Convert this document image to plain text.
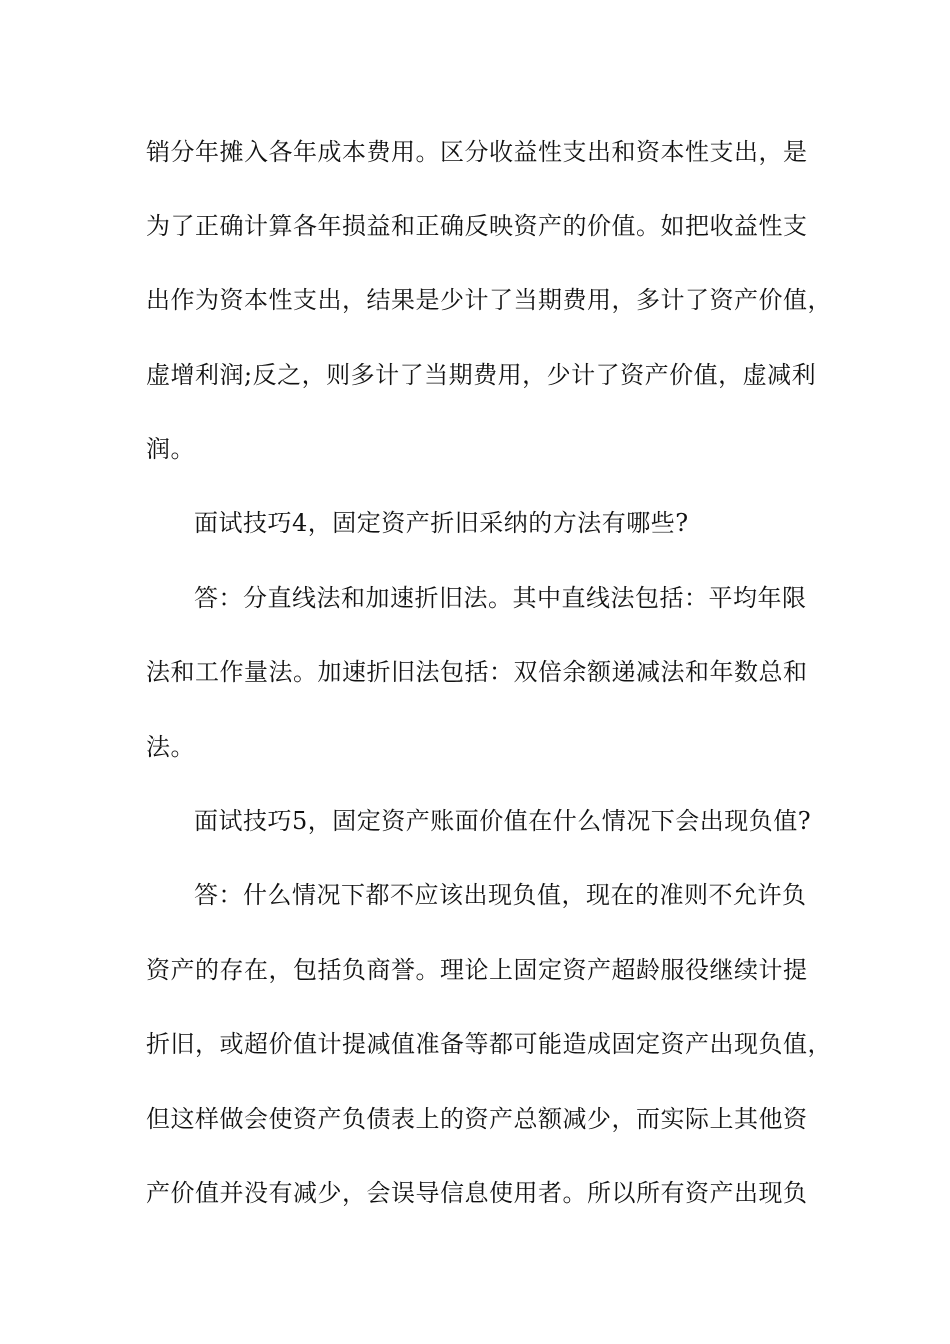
销分年摊入各年成本费用。区分收益性支出和资本性支出，是
为了正确计算各年损益和正确反映资产的价值。如把收益性支
出作为资本性支出，结果是少计了当期费用，多计了资产价值，
虚增利润;反之，则多计了当期费用，少计了资产价值，虚减利
润。
面试技巧4，固定资产折旧采纳的方法有哪些?
答：分直线法和加速折旧法。其中直线法包括：平均年限
法和工作量法。加速折旧法包括：双倍余额递减法和年数总和
法。
面试技巧5，固定资产账面价值在什么情况下会出现负值?
答：什么情况下都不应该出现负值，现在的准则不允许负
资产的存在，包括负商誉。理论上固定资产超龄服役继续计提
折旧，或超价值计提减值准备等都可能造成固定资产出现负值，
但这样做会使资产负债表上的资产总额减少，而实际上其他资
产价值并没有减少，会误导信息使用者。所以所有资产出现负
